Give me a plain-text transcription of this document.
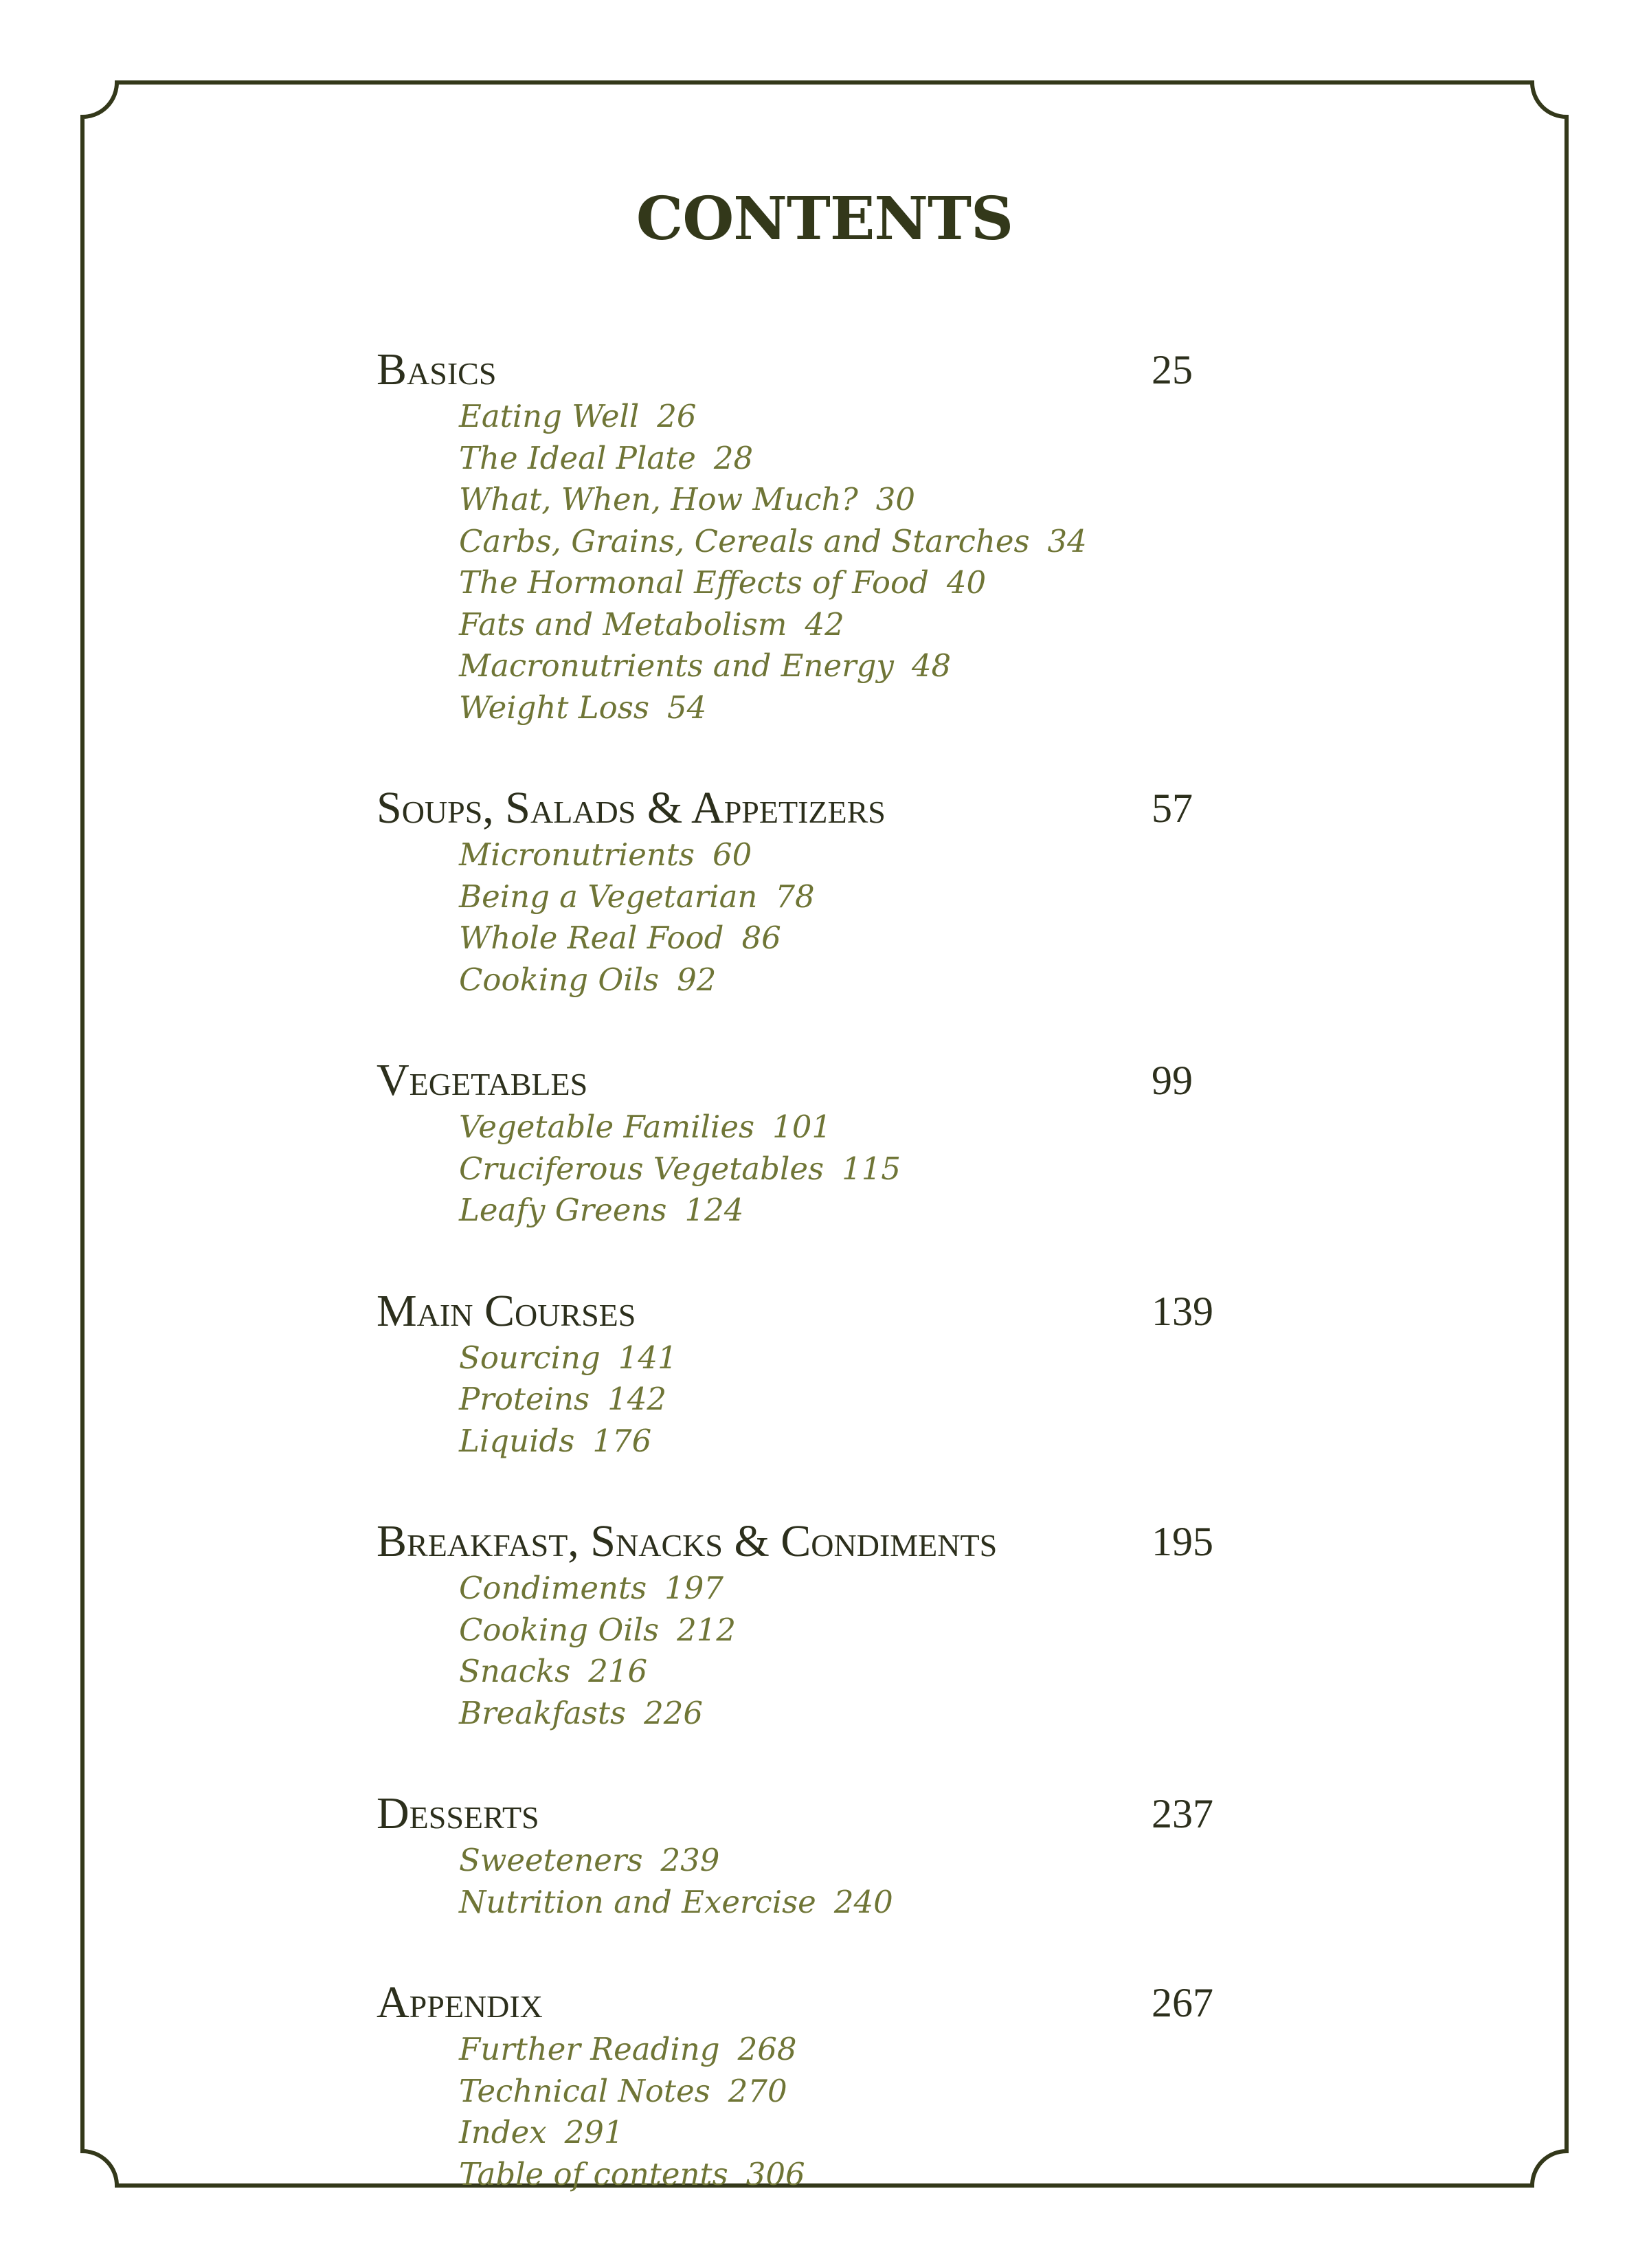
CONTENTS
Basics	25
Eating Well 26
The Ideal Plate 28
What, When, How Much? 30
Carbs, Grains, Cereals and Starches 34
The Hormonal Effects of Food 40
Fats and Metabolism 42
Macronutrients and Energy 48
Weight Loss 54
Soups, Salads & Appetizers	57
Micronutrients 60
Being a Vegetarian 78
Whole Real Food 86
Cooking Oils 92
Vegetables	99
Vegetable Families 101
Cruciferous Vegetables 115
Leafy Greens 124
Main Courses	139
Sourcing 141
Proteins 142
Liquids 176
Breakfast, Snacks & Condiments	195
Condiments 197
Cooking Oils 212
Snacks 216
Breakfasts 226
Desserts	237
Sweeteners 239
Nutrition and Exercise 240
Appendix	267
Further Reading 268
Technical Notes 270
Index 291
Table of contents 306
